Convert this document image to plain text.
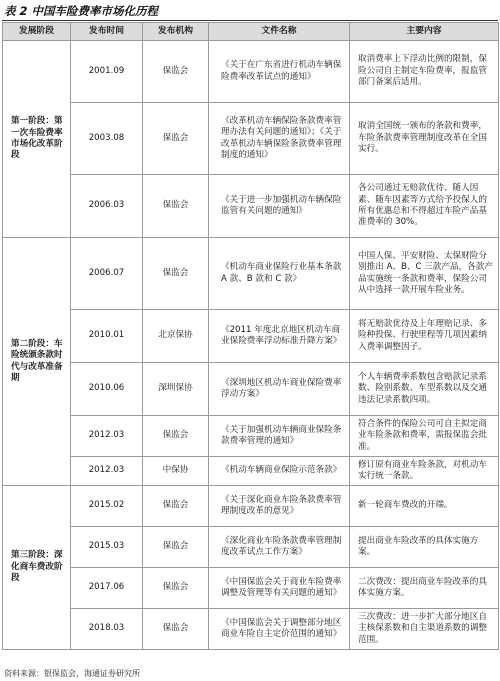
表 2 中国车险费率市场化历程
发展阶段	发布时间	发布机构	文件名称	主要内容
第一阶段：第一次车险费率市场化改革阶段	2001.09	保监会	《关于在广东省进行机动车辆保险费率改革试点的通知》	取消费率上下浮动比例的限制，保险公司自主制定车险费率，报监管部门备案后适用。
	2003.08	保监会	《改革机动车辆保险条款费率管理办法有关问题的通知》；《关于改革机动车辆保险条款费率管理制度的通知》	取消全国统一颁布的条款和费率，车险条款费率管理制度改革在全国实行。
	2006.03	保监会	《关于进一步加强机动车辆保险监管有关问题的通知》	各公司通过无赔款优待、随人因素、随车因素等方式给予投保人的所有优惠总和不得超过车险产品基准费率的 30%。
第二阶段：车险统颁条款时代与改革准备期	2006.07	保监会	《机动车商业保险行业基本条款 A 款、B 款和 C 款》	中国人保、平安财险、太保财险分别推出 A、B、C 三款产品，各款产品实施统一条款和费率，保险公司从中选择一款开展车险业务。
	2010.01	北京保协	《2011 年度北京地区机动车商业保险费率浮动标准升降方案》	将无赔款优待及上年理赔记录、多险种投保、行驶里程等几项因素纳入费率调整因子。
	2010.06	深圳保协	《深圳地区机动车商业保险费率浮动方案》	个人车辆费率系数包含赔款记录系数、险别系数、车型系数以及交通违法记录系数四项。
	2012.03	保监会	《关于加强机动车辆商业保险条款费率管理的通知》	符合条件的保险公司可自主拟定商业车险条款和费率，需报保监会批准。
	2012.03	中保协	《机动车辆商业保险示范条款》	修订原有商业车险条款，对机动车实行统一条款。
第三阶段：深化商车费改阶段	2015.02	保监会	《关于深化商业车险条款费率管理制度改革的意见》	新一轮商车费改的开端。
	2015.03	保监会	《深化商业车险条款费率管理制度改革试点工作方案》	提出商业车险改革的具体实施方案。
	2017.06	保监会	《中国保监会关于商业车险费率调整及管理等有关问题的通知》	二次费改：提出商业车险改革的具体实施方案。
	2018.03	保监会	《中国保监会关于调整部分地区商业车险自主定价范围的通知》	三次费改：进一步扩大部分地区自主核保系数和自主渠道系数的调整范围。
资料来源：银保监会，海通证券研究所
